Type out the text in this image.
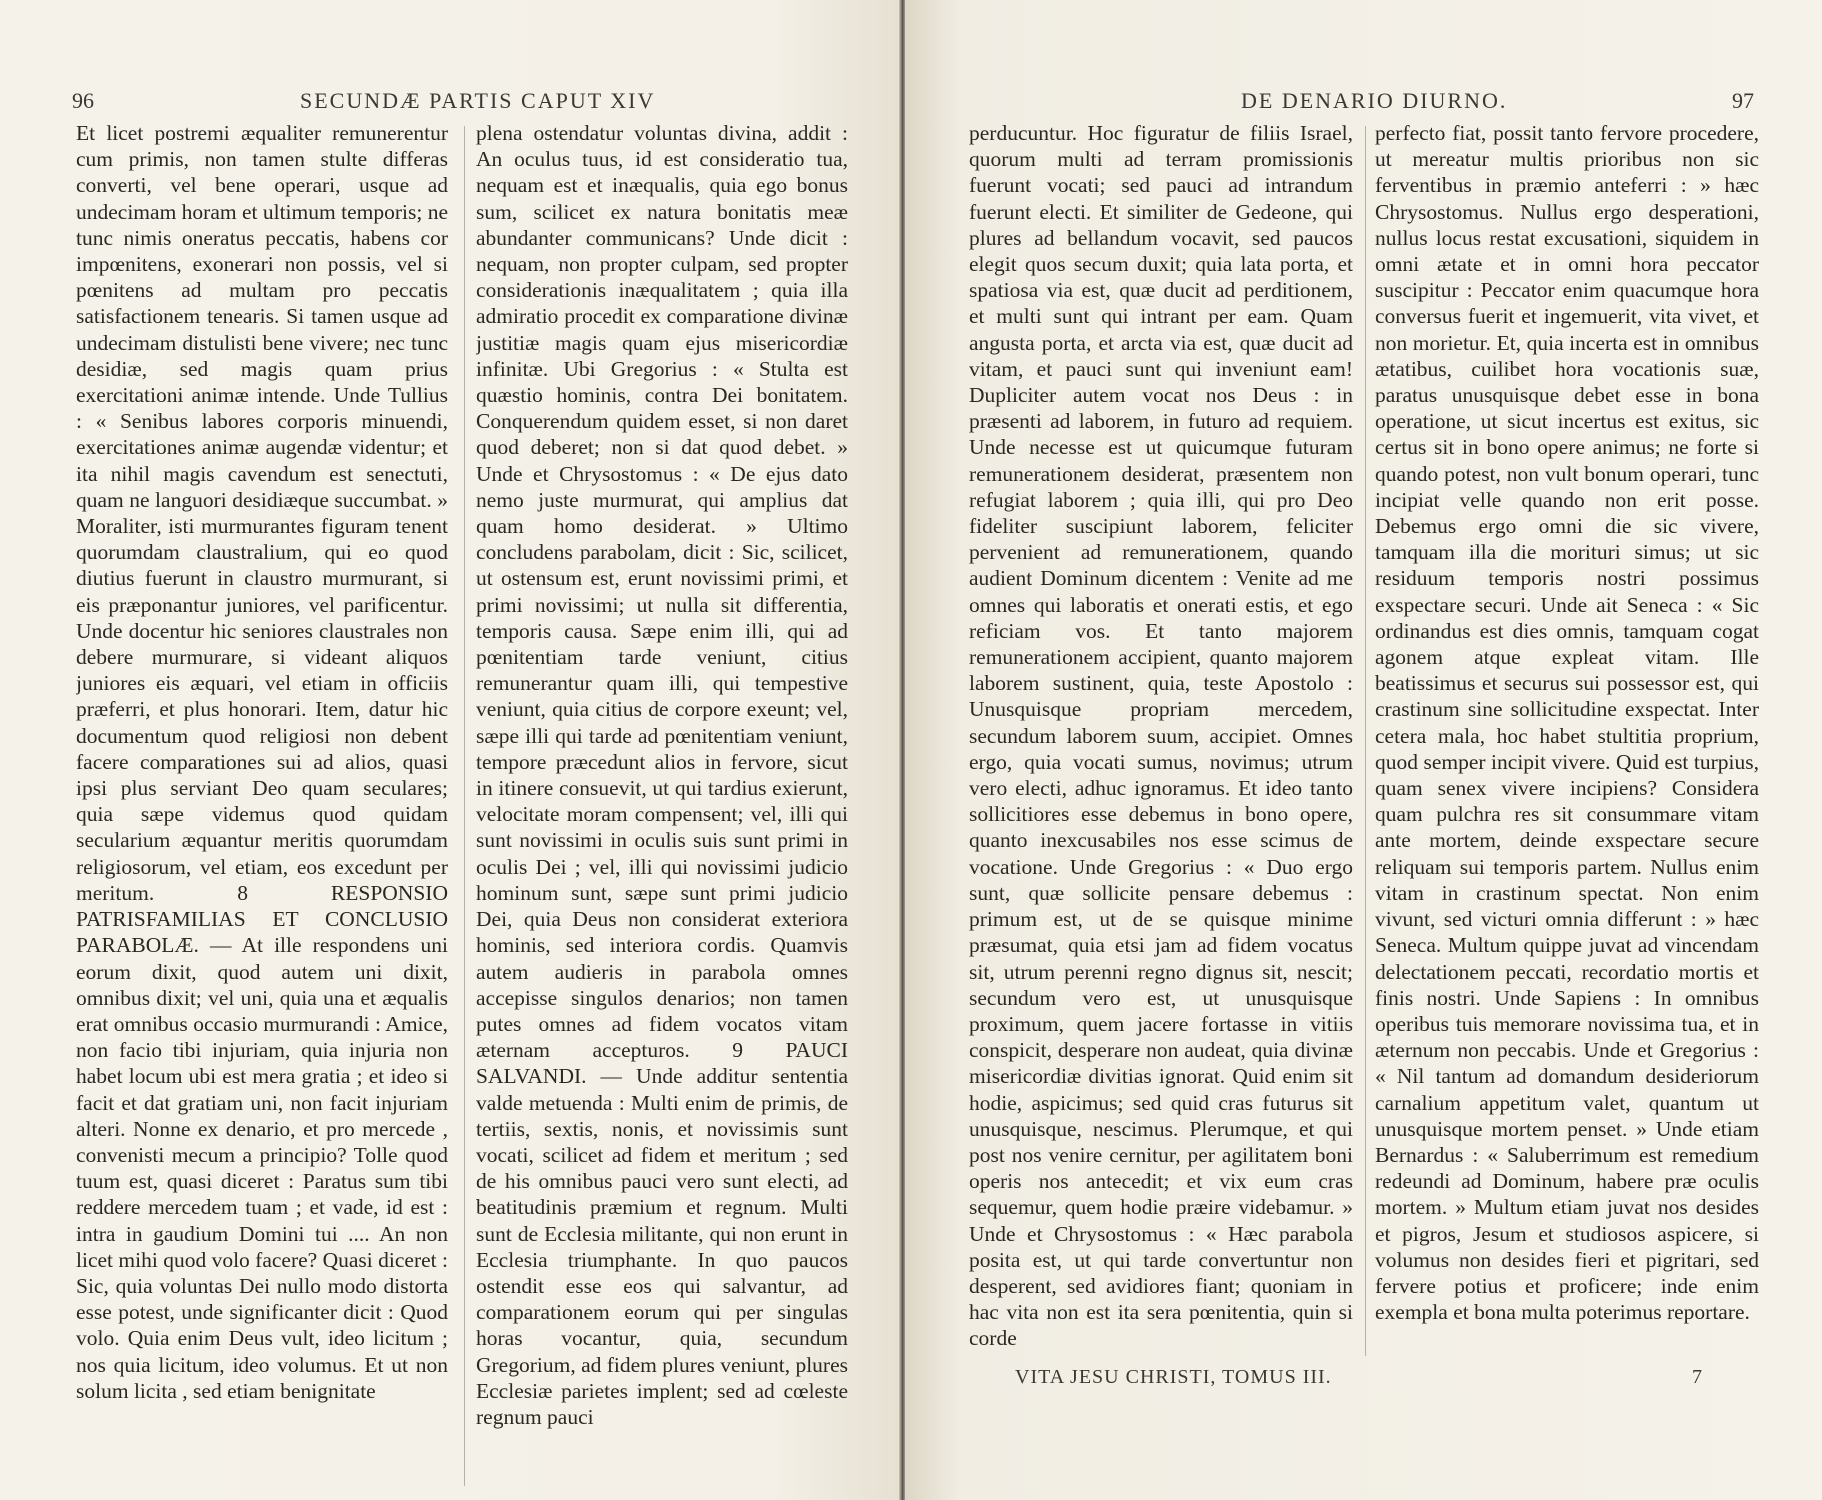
96	SECUNDÆ PARTIS CAPUT XIV
Et licet postremi æqualiter remunerentur cum primis, non tamen stulte differas converti, vel bene operari, usque ad undecimam horam et ultimum temporis; ne tunc nimis oneratus peccatis, habens cor impœnitens, exonerari non possis, vel si pœnitens ad multam pro peccatis satisfactionem tenearis. Si tamen usque ad undecimam distulisti bene vivere; nec tunc desidiæ, sed magis quam prius exercitationi animæ intende. Unde Tullius : « Senibus labores corporis minuendi, exercitationes animæ augendæ videntur; et ita nihil magis cavendum est senectuti, quam ne languori desidiæque succumbat. » Moraliter, isti murmurantes figuram tenent quorumdam claustralium, qui eo quod diutius fuerunt in claustro murmurant, si eis præponantur juniores, vel parificentur. Unde docentur hic seniores claustrales non debere murmurare, si videant aliquos juniores eis æquari, vel etiam in officiis præferri, et plus honorari. Item, datur hic documentum quod religiosi non debent facere comparationes sui ad alios, quasi ipsi plus serviant Deo quam seculares; quia sæpe videmus quod quidam secularium æquantur meritis quorumdam religiosorum, vel etiam, eos excedunt per meritum. 8 RESPONSIO PATRISFAMILIAS ET CONCLUSIO PARABOLÆ. — At ille respondens uni eorum dixit, quod autem uni dixit, omnibus dixit; vel uni, quia una et æqualis erat omnibus occasio murmurandi : Amice, non facio tibi injuriam, quia injuria non habet locum ubi est mera gratia ; et ideo si facit et dat gratiam uni, non facit injuriam alteri. Nonne ex denario, et pro mercede , convenisti mecum a principio? Tolle quod tuum est, quasi diceret : Paratus sum tibi reddere mercedem tuam ; et vade, id est : intra in gaudium Domini tui .... An non licet mihi quod volo facere? Quasi diceret : Sic, quia voluntas Dei nullo modo distorta esse potest, unde significanter dicit : Quod volo. Quia enim Deus vult, ideo licitum ; nos quia licitum, ideo volumus. Et ut non solum licita , sed etiam benignitate
plena ostendatur voluntas divina, addit : An oculus tuus, id est consideratio tua, nequam est et inæqualis, quia ego bonus sum, scilicet ex natura bonitatis meæ abundanter communicans? Unde dicit : nequam, non propter culpam, sed propter considerationis inæqualitatem ; quia illa admiratio procedit ex comparatione divinæ justitiæ magis quam ejus misericordiæ infinitæ. Ubi Gregorius : « Stulta est quæstio hominis, contra Dei bonitatem. Conquerendum quidem esset, si non daret quod deberet; non si dat quod debet. » Unde et Chrysostomus : « De ejus dato nemo juste murmurat, qui amplius dat quam homo desiderat. » Ultimo concludens parabolam, dicit : Sic, scilicet, ut ostensum est, erunt novissimi primi, et primi novissimi; ut nulla sit differentia, temporis causa. Sæpe enim illi, qui ad pœnitentiam tarde veniunt, citius remunerantur quam illi, qui tempestive veniunt, quia citius de corpore exeunt; vel, sæpe illi qui tarde ad pœnitentiam veniunt, tempore præcedunt alios in fervore, sicut in itinere consuevit, ut qui tardius exierunt, velocitate moram compensent; vel, illi qui sunt novissimi in oculis suis sunt primi in oculis Dei ; vel, illi qui novissimi judicio hominum sunt, sæpe sunt primi judicio Dei, quia Deus non considerat exteriora hominis, sed interiora cordis. Quamvis autem audieris in parabola omnes accepisse singulos denarios; non tamen putes omnes ad fidem vocatos vitam æternam accepturos. 9 PAUCI SALVANDI. — Unde additur sententia valde metuenda : Multi enim de primis, de tertiis, sextis, nonis, et novissimis sunt vocati, scilicet ad fidem et meritum ; sed de his omnibus pauci vero sunt electi, ad beatitudinis præmium et regnum. Multi sunt de Ecclesia militante, qui non erunt in Ecclesia triumphante. In quo paucos ostendit esse eos qui salvantur, ad comparationem eorum qui per singulas horas vocantur, quia, secundum Gregorium, ad fidem plures veniunt, plures Ecclesiæ parietes implent; sed ad cœleste regnum pauci
DE DENARIO DIURNO.	97
perducuntur. Hoc figuratur de filiis Israel, quorum multi ad terram promissionis fuerunt vocati; sed pauci ad intrandum fuerunt electi. Et similiter de Gedeone, qui plures ad bellandum vocavit, sed paucos elegit quos secum duxit; quia lata porta, et spatiosa via est, quæ ducit ad perditionem, et multi sunt qui intrant per eam. Quam angusta porta, et arcta via est, quæ ducit ad vitam, et pauci sunt qui inveniunt eam! Dupliciter autem vocat nos Deus : in præsenti ad laborem, in futuro ad requiem. Unde necesse est ut quicumque futuram remunerationem desiderat, præsentem non refugiat laborem ; quia illi, qui pro Deo fideliter suscipiunt laborem, feliciter pervenient ad remunerationem, quando audient Dominum dicentem : Venite ad me omnes qui laboratis et onerati estis, et ego reficiam vos. Et tanto majorem remunerationem accipient, quanto majorem laborem sustinent, quia, teste Apostolo : Unusquisque propriam mercedem, secundum laborem suum, accipiet. Omnes ergo, quia vocati sumus, novimus; utrum vero electi, adhuc ignoramus. Et ideo tanto sollicitiores esse debemus in bono opere, quanto inexcusabiles nos esse scimus de vocatione. Unde Gregorius : « Duo ergo sunt, quæ sollicite pensare debemus : primum est, ut de se quisque minime præsumat, quia etsi jam ad fidem vocatus sit, utrum perenni regno dignus sit, nescit; secundum vero est, ut unusquisque proximum, quem jacere fortasse in vitiis conspicit, desperare non audeat, quia divinæ misericordiæ divitias ignorat. Quid enim sit hodie, aspicimus; sed quid cras futurus sit unusquisque, nescimus. Plerumque, et qui post nos venire cernitur, per agilitatem boni operis nos antecedit; et vix eum cras sequemur, quem hodie præire videbamur. » Unde et Chrysostomus : « Hæc parabola posita est, ut qui tarde convertuntur non desperent, sed avidiores fiant; quoniam in hac vita non est ita sera pœnitentia, quin si corde
perfecto fiat, possit tanto fervore procedere, ut mereatur multis prioribus non sic ferventibus in præmio anteferri : » hæc Chrysostomus. Nullus ergo desperationi, nullus locus restat excusationi, siquidem in omni ætate et in omni hora peccator suscipitur : Peccator enim quacumque hora conversus fuerit et ingemuerit, vita vivet, et non morietur. Et, quia incerta est in omnibus ætatibus, cuilibet hora vocationis suæ, paratus unusquisque debet esse in bona operatione, ut sicut incertus est exitus, sic certus sit in bono opere animus; ne forte si quando potest, non vult bonum operari, tunc incipiat velle quando non erit posse. Debemus ergo omni die sic vivere, tamquam illa die morituri simus; ut sic residuum temporis nostri possimus exspectare securi. Unde ait Seneca : « Sic ordinandus est dies omnis, tamquam cogat agonem atque expleat vitam. Ille beatissimus et securus sui possessor est, qui crastinum sine sollicitudine exspectat. Inter cetera mala, hoc habet stultitia proprium, quod semper incipit vivere. Quid est turpius, quam senex vivere incipiens? Considera quam pulchra res sit consummare vitam ante mortem, deinde exspectare secure reliquam sui temporis partem. Nullus enim vitam in crastinum spectat. Non enim vivunt, sed victuri omnia differunt : » hæc Seneca. Multum quippe juvat ad vincendam delectationem peccati, recordatio mortis et finis nostri. Unde Sapiens : In omnibus operibus tuis memorare novissima tua, et in æternum non peccabis. Unde et Gregorius : « Nil tantum ad domandum desideriorum carnalium appetitum valet, quantum ut unusquisque mortem penset. » Unde etiam Bernardus : « Saluberrimum est remedium redeundi ad Dominum, habere præ oculis mortem. » Multum etiam juvat nos desides et pigros, Jesum et studiosos aspicere, si volumus non desides fieri et pigritari, sed fervere potius et proficere; inde enim exempla et bona multa poterimus reportare.
VITA JESU CHRISTI, TOMUS III.	7
